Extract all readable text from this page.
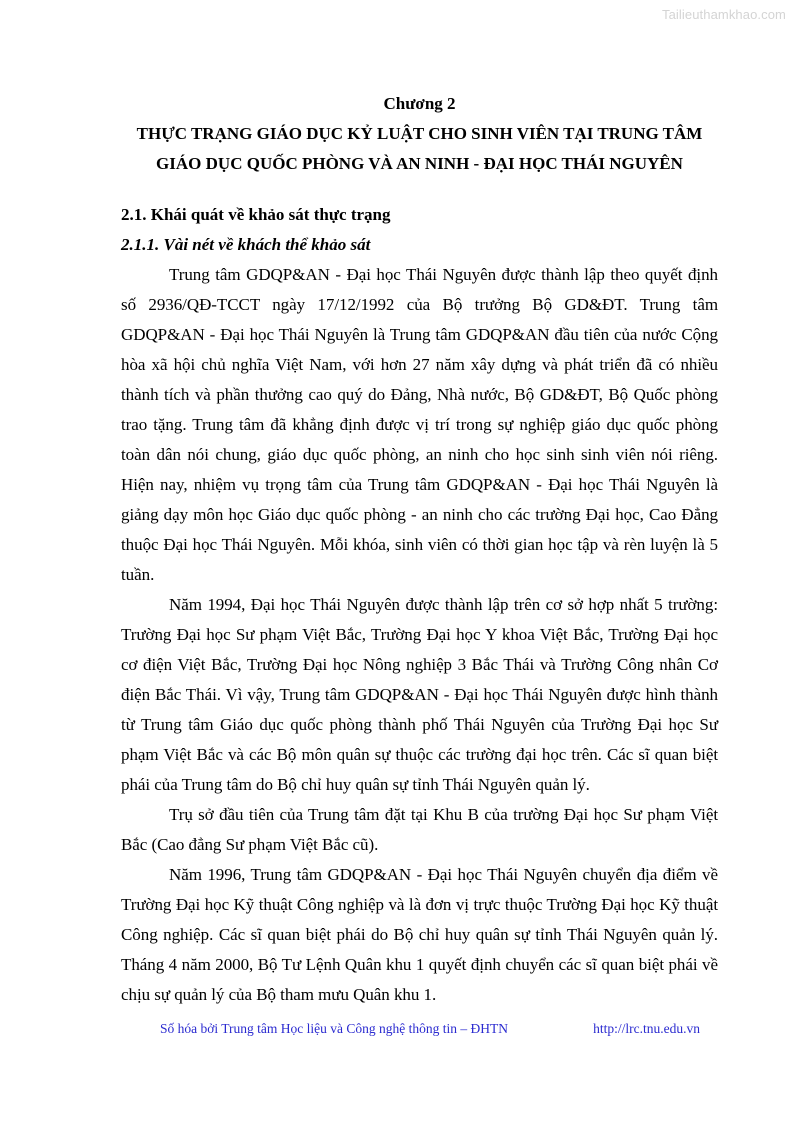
Tailieuthamkhao.com

Chương 2

THỰC TRẠNG GIÁO DỤC KỶ LUẬT CHO SINH VIÊN TẠI TRUNG TÂM
GIÁO DỤC QUỐC PHÒNG VÀ AN NINH - ĐẠI HỌC THÁI NGUYÊN

2.1. Khái quát về khảo sát thực trạng

2.1.1. Vài nét về khách thể khảo sát

Trung tâm GDQP&AN - Đại học Thái Nguyên được thành lập theo quyết định số 2936/QĐ-TCCT ngày 17/12/1992 của Bộ trưởng Bộ GD&ĐT. Trung tâm GDQP&AN - Đại học Thái Nguyên là Trung tâm GDQP&AN đầu tiên của nước Cộng hòa xã hội chủ nghĩa Việt Nam, với hơn 27 năm xây dựng và phát triển đã có nhiều thành tích và phần thưởng cao quý do Đảng, Nhà nước, Bộ GD&ĐT, Bộ Quốc phòng trao tặng. Trung tâm đã khẳng định được vị trí trong sự nghiệp giáo dục quốc phòng toàn dân nói chung, giáo dục quốc phòng, an ninh cho học sinh sinh viên nói riêng. Hiện nay, nhiệm vụ trọng tâm của Trung tâm GDQP&AN - Đại học Thái Nguyên là giảng dạy môn học Giáo dục quốc phòng - an ninh cho các trường Đại học, Cao Đẳng thuộc Đại học Thái Nguyên. Mỗi khóa, sinh viên có thời gian học tập và rèn luyện là 5 tuần.

Năm 1994, Đại học Thái Nguyên được thành lập trên cơ sở hợp nhất 5 trường: Trường Đại học Sư phạm Việt Bắc, Trường Đại học Y khoa Việt Bắc, Trường Đại học cơ điện Việt Bắc, Trường Đại học Nông nghiệp 3 Bắc Thái và Trường Công nhân Cơ điện Bắc Thái. Vì vậy, Trung tâm GDQP&AN - Đại học Thái Nguyên được hình thành từ Trung tâm Giáo dục quốc phòng thành phố Thái Nguyên của Trường Đại học Sư phạm Việt Bắc và các Bộ môn quân sự thuộc các trường đại học trên. Các sĩ quan biệt phái của Trung tâm do Bộ chỉ huy quân sự tỉnh Thái Nguyên quản lý.

Trụ sở đầu tiên của Trung tâm đặt tại Khu B của trường Đại học Sư phạm Việt Bắc (Cao đẳng Sư phạm Việt Bắc cũ).

Năm 1996, Trung tâm GDQP&AN - Đại học Thái Nguyên chuyển địa điểm về Trường Đại học Kỹ thuật Công nghiệp và là đơn vị trực thuộc Trường Đại học Kỹ thuật Công nghiệp. Các sĩ quan biệt phái do Bộ chỉ huy quân sự tỉnh Thái Nguyên quản lý. Tháng 4 năm 2000, Bộ Tư Lệnh Quân khu 1 quyết định chuyển các sĩ quan biệt phái về chịu sự quản lý của Bộ tham mưu Quân khu 1.

Số hóa bởi Trung tâm Học liệu và Công nghệ thông tin – ĐHTN	http://lrc.tnu.edu.vn
